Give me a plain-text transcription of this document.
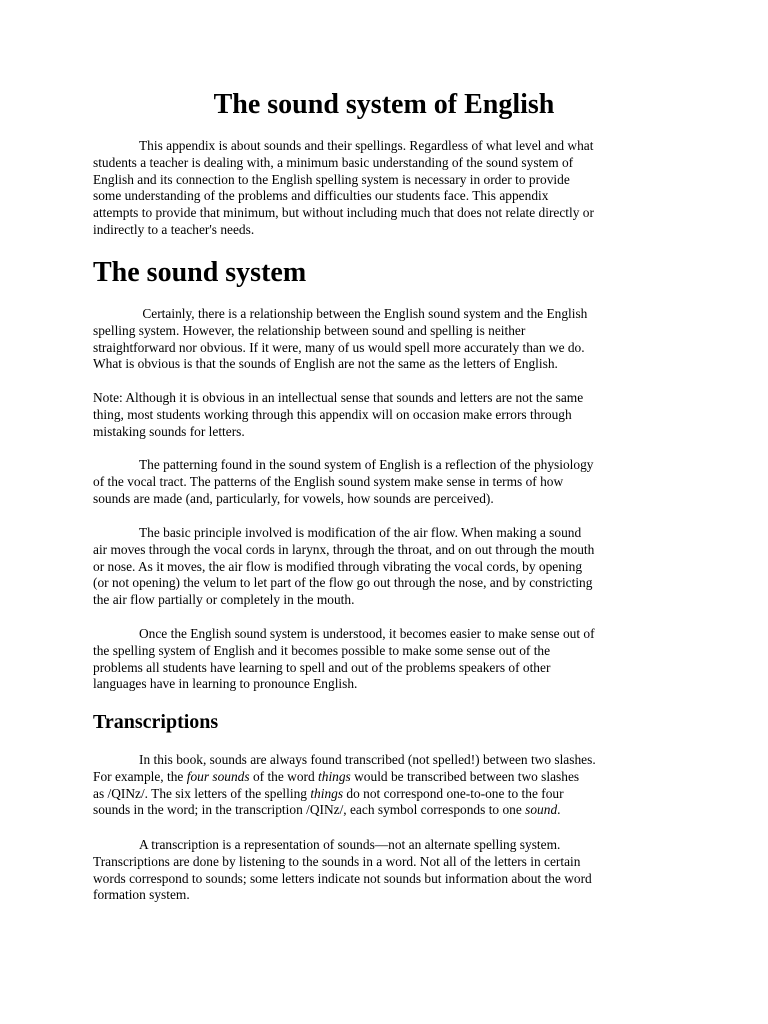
The sound system of English

This appendix is about sounds and their spellings. Regardless of what level and what
students a teacher is dealing with, a minimum basic understanding of the sound system of
English and its connection to the English spelling system is necessary in order to provide
some understanding of the problems and difficulties our students face. This appendix
attempts to provide that minimum, but without including much that does not relate directly or
indirectly to a teacher's needs.

The sound system

Certainly, there is a relationship between the English sound system and the English
spelling system. However, the relationship between sound and spelling is neither
straightforward nor obvious. If it were, many of us would spell more accurately than we do.
What is obvious is that the sounds of English are not the same as the letters of English.

Note: Although it is obvious in an intellectual sense that sounds and letters are not the same
thing, most students working through this appendix will on occasion make errors through
mistaking sounds for letters.

The patterning found in the sound system of English is a reflection of the physiology
of the vocal tract. The patterns of the English sound system make sense in terms of how
sounds are made (and, particularly, for vowels, how sounds are perceived).

The basic principle involved is modification of the air flow. When making a sound
air moves through the vocal cords in larynx, through the throat, and on out through the mouth
or nose. As it moves, the air flow is modified through vibrating the vocal cords, by opening
(or not opening) the velum to let part of the flow go out through the nose, and by constricting
the air flow partially or completely in the mouth.

Once the English sound system is understood, it becomes easier to make sense out of
the spelling system of English and it becomes possible to make some sense out of the
problems all students have learning to spell and out of the problems speakers of other
languages have in learning to pronounce English.

Transcriptions

In this book, sounds are always found transcribed (not spelled!) between two slashes.
For example, the four sounds of the word things would be transcribed between two slashes
as /QINz/. The six letters of the spelling things do not correspond one-to-one to the four
sounds in the word; in the transcription /QINz/, each symbol corresponds to one sound.

A transcription is a representation of sounds—not an alternate spelling system.
Transcriptions are done by listening to the sounds in a word. Not all of the letters in certain
words correspond to sounds; some letters indicate not sounds but information about the word
formation system.
